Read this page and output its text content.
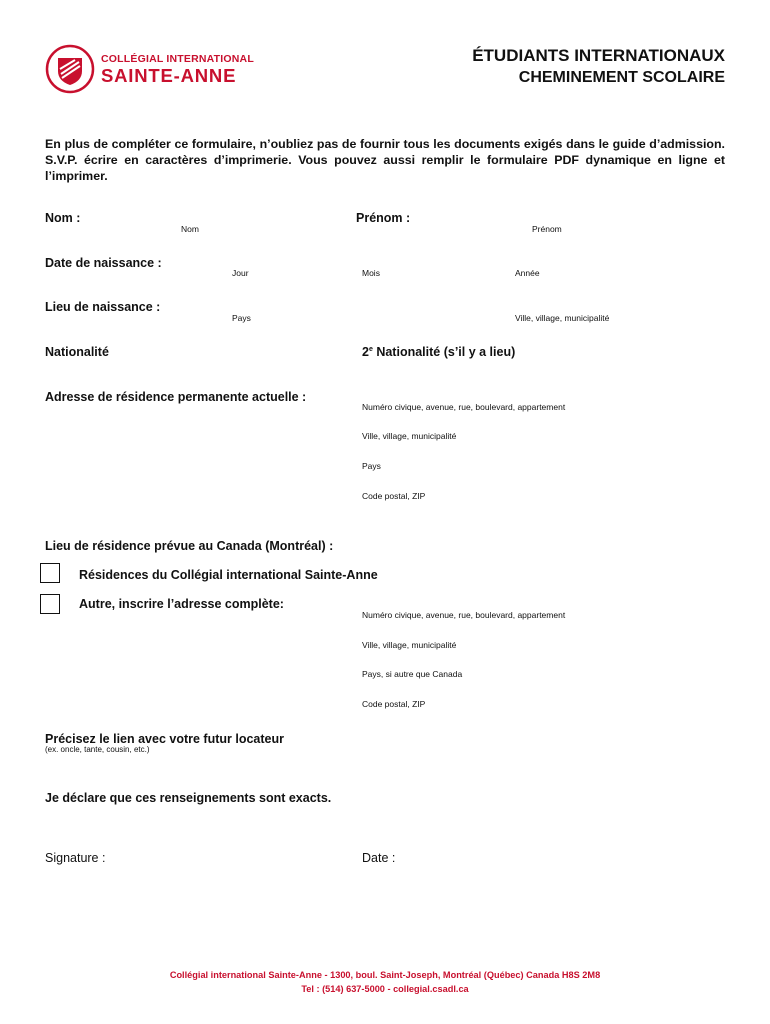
COLLÉGIAL INTERNATIONAL
SAINTE-ANNE
ÉTUDIANTS INTERNATIONAUX
CHEMINEMENT SCOLAIRE
En plus de compléter ce formulaire, n’oubliez pas de fournir tous les documents exigés dans le guide d’admission. S.V.P. écrire en caractères d’imprimerie. Vous pouvez aussi remplir le formulaire PDF dynamique en ligne et l’imprimer.
Nom :
Nom
Prénom :
Prénom
Date de naissance :
Jour	Mois	Année
Lieu de naissance :
Pays	Ville, village, municipalité
Nationalité	2e Nationalité (s’il y a lieu)
Adresse de résidence permanente actuelle :
Numéro civique, avenue, rue, boulevard, appartement
Ville, village, municipalité
Pays
Code postal, ZIP
Lieu de résidence prévue au Canada (Montréal) :
Résidences du Collégial international Sainte-Anne
Autre, inscrire l’adresse complète:
Numéro civique, avenue, rue, boulevard, appartement
Ville, village, municipalité
Pays, si autre que Canada
Code postal, ZIP
Précisez le lien avec votre futur locateur
(ex. oncle, tante, cousin, etc.)
Je déclare que ces renseignements sont exacts.
Signature :	Date :
Collégial international Sainte-Anne - 1300, boul. Saint-Joseph, Montréal (Québec) Canada H8S 2M8
Tel : (514) 637-5000 - collegial.csadl.ca
